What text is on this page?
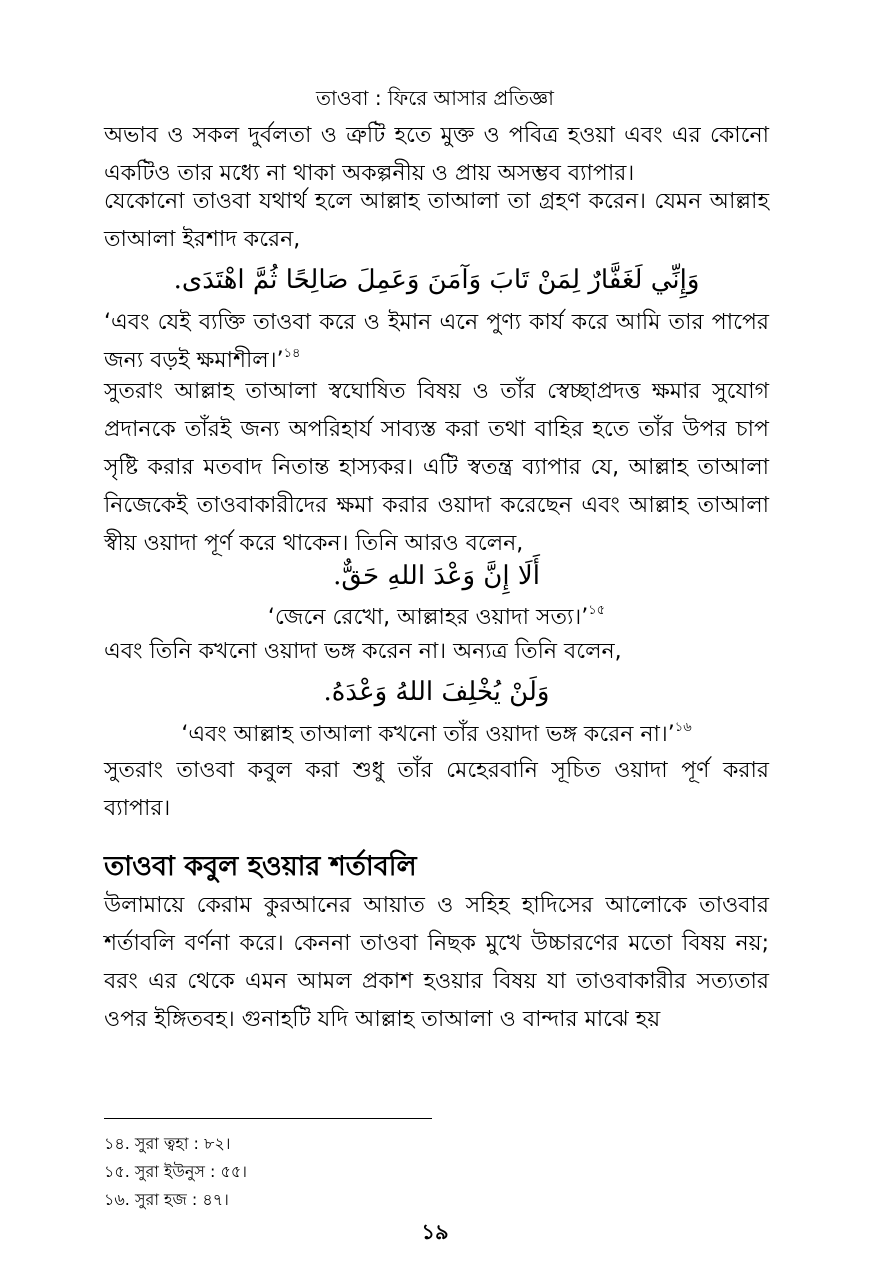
তাওবা : ফিরে আসার প্রতিজ্ঞা
অভাব ও সকল দুর্বলতা ও ত্রুটি হতে মুক্ত ও পবিত্র হওয়া এবং এর কোনো একটিও তার মধ্যে না থাকা অকল্পনীয় ও প্রায় অসম্ভব ব্যাপার।
যেকোনো তাওবা যথার্থ হলে আল্লাহ তাআলা তা গ্রহণ করেন। যেমন আল্লাহ তাআলা ইরশাদ করেন,
وَإِنِّي لَغَفَّارٌ لِمَنْ تَابَ وَآمَنَ وَعَمِلَ صَالِحًا ثُمَّ اهْتَدَى.
‘এবং যেই ব্যক্তি তাওবা করে ও ইমান এনে পুণ্য কার্য করে আমি তার পাপের জন্য বড়ই ক্ষমাশীল।’$^{১৪}$
সুতরাং আল্লাহ তাআলা স্বঘোষিত বিষয় ও তাঁর স্বেচ্ছাপ্রদত্ত ক্ষমার সুযোগ প্রদানকে তাঁরই জন্য অপরিহার্য সাব্যস্ত করা তথা বাহির হতে তাঁর উপর চাপ সৃষ্টি করার মতবাদ নিতান্ত হাস্যকর। এটি স্বতন্ত্র ব্যাপার যে, আল্লাহ তাআলা নিজেকেই তাওবাকারীদের ক্ষমা করার ওয়াদা করেছেন এবং আল্লাহ তাআলা স্বীয় ওয়াদা পূর্ণ করে থাকেন। তিনি আরও বলেন,
أَلَا إِنَّ وَعْدَ اللهِ حَقٌّ.
‘জেনে রেখো, আল্লাহর ওয়াদা সত্য।’$^{১৫}$
এবং তিনি কখনো ওয়াদা ভঙ্গ করেন না। অন্যত্র তিনি বলেন,
وَلَنْ يُخْلِفَ اللهُ وَعْدَهُ.
‘এবং আল্লাহ তাআলা কখনো তাঁর ওয়াদা ভঙ্গ করেন না।’$^{১৬}$
সুতরাং তাওবা কবুল করা শুধু তাঁর মেহেরবানি সূচিত ওয়াদা পূর্ণ করার ব্যাপার।
তাওবা কবুল হওয়ার শর্তাবলি
উলামায়ে কেরাম কুরআনের আয়াত ও সহিহ হাদিসের আলোকে তাওবার শর্তাবলি বর্ণনা করে। কেননা তাওবা নিছক মুখে উচ্চারণের মতো বিষয় নয়; বরং এর থেকে এমন আমল প্রকাশ হওয়ার বিষয় যা তাওবাকারীর সত্যতার ওপর ইঙ্গিতবহ। গুনাহটি যদি আল্লাহ তাআলা ও বান্দার মাঝে হয়
১৪. সুরা ত্বহা : ৮২।
১৫. সুরা ইউনুস : ৫৫।
১৬. সুরা হজ : ৪৭।
১৯
